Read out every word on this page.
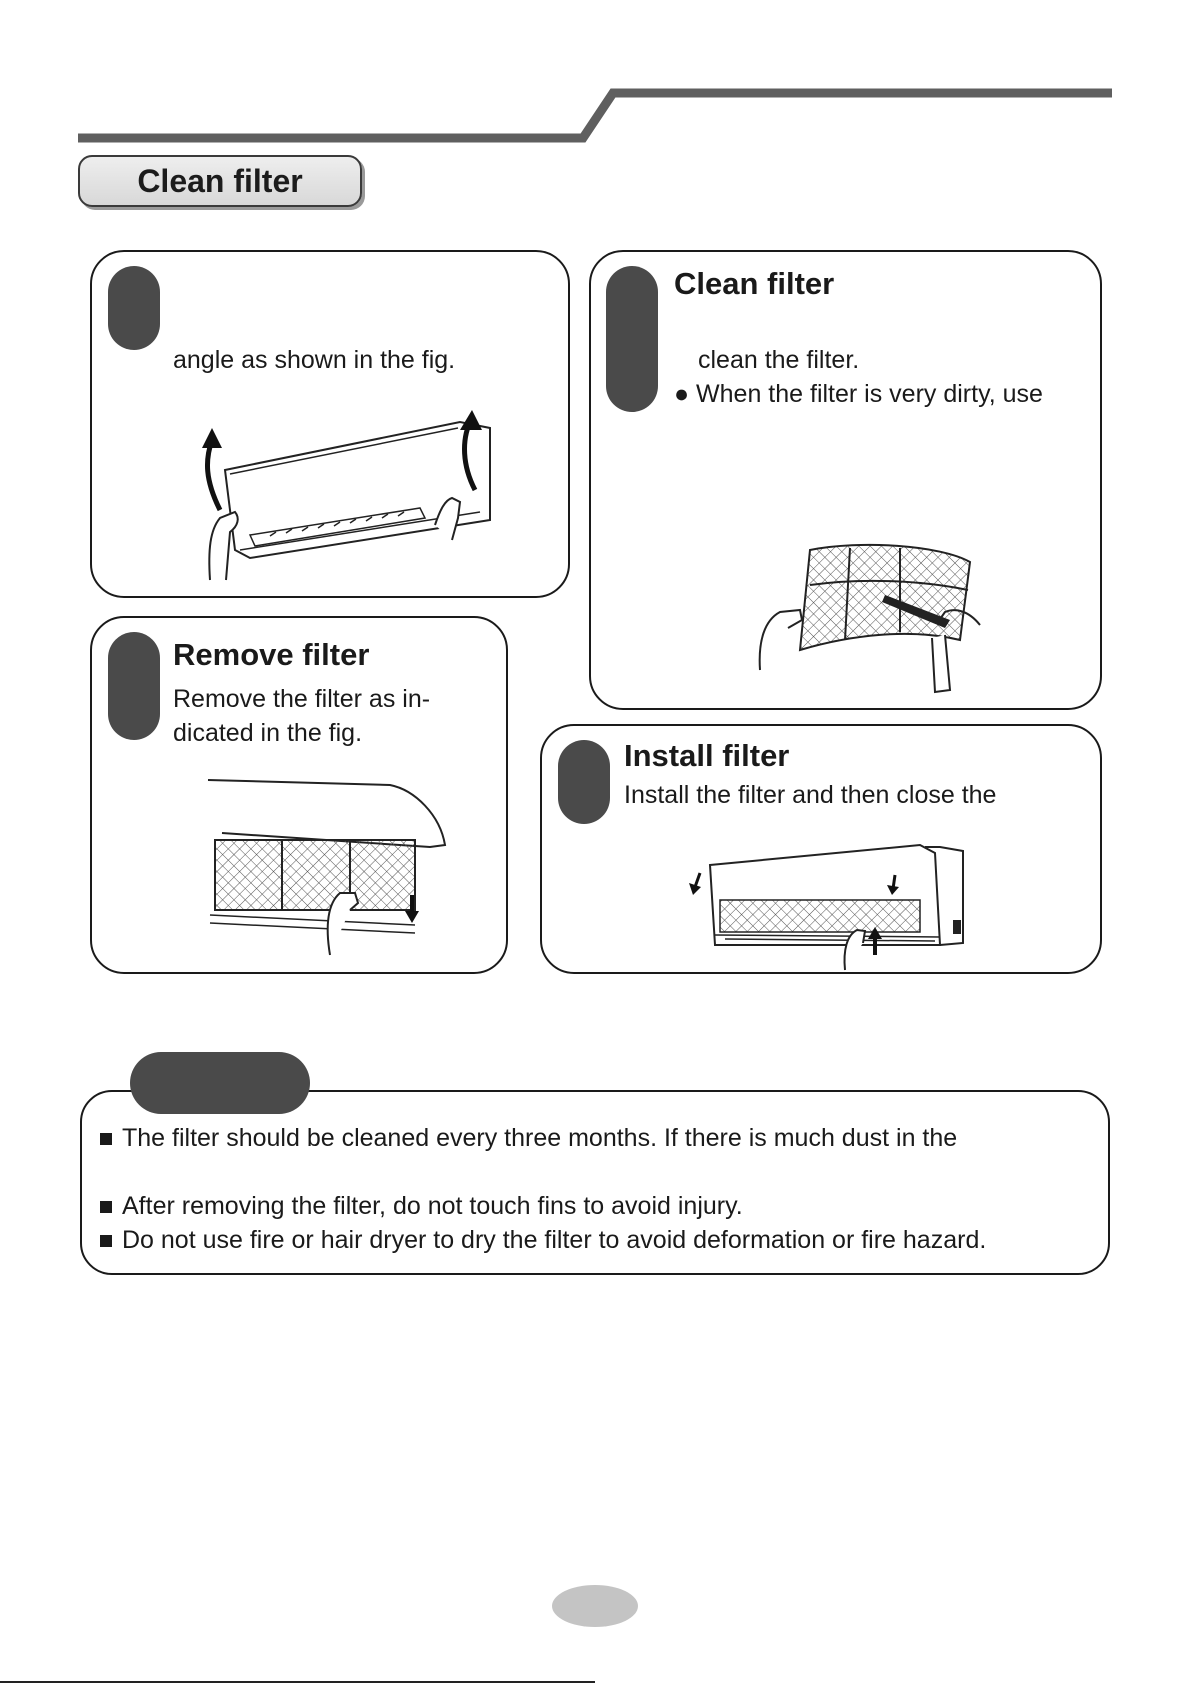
Clean filter
angle as shown in the fig.
Clean filter
clean the filter.
● When the filter is very dirty, use
Remove filter
Remove the filter as in-
dicated in the fig.
Install filter
Install the filter and then close the
The filter should be cleaned every three months. If there is much dust in the
After removing the filter, do not touch fins to avoid injury.
Do not use fire or hair dryer to dry the filter to avoid deformation or fire hazard.
